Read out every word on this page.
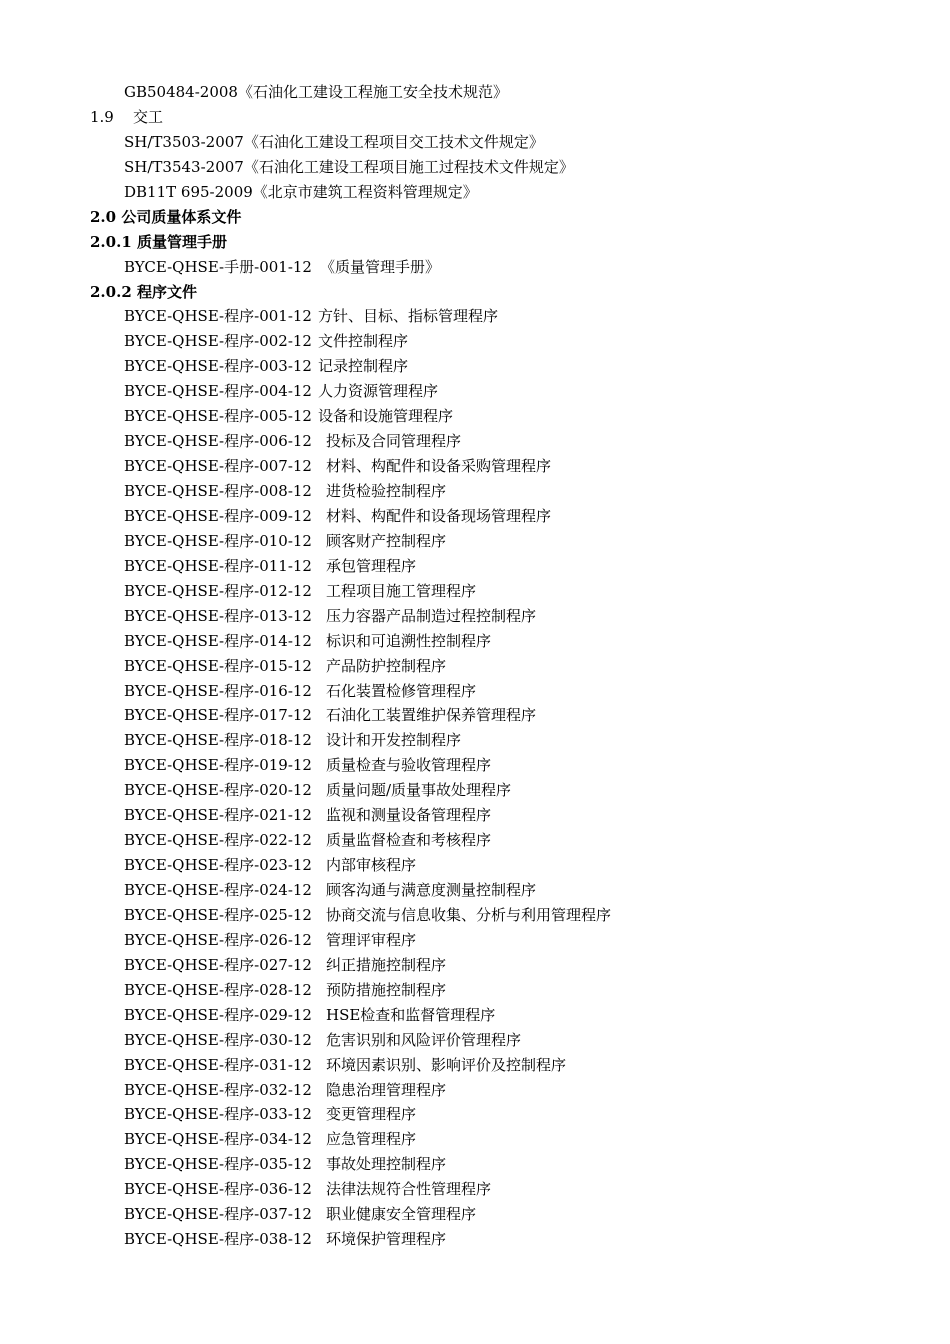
GB50484-2008《石油化工建设工程施工安全技术规范》
1.9 交工
SH/T3503-2007《石油化工建设工程项目交工技术文件规定》
SH/T3543-2007《石油化工建设工程项目施工过程技术文件规定》
DB11T 695-2009《北京市建筑工程资料管理规定》
2.0 公司质量体系文件
2.0.1 质量管理手册
BYCE-QHSE-手册-001-12 《质量管理手册》
2.0.2 程序文件
BYCE-QHSE-程序-001-12 方针、目标、指标管理程序
BYCE-QHSE-程序-002-12 文件控制程序
BYCE-QHSE-程序-003-12 记录控制程序
BYCE-QHSE-程序-004-12 人力资源管理程序
BYCE-QHSE-程序-005-12 设备和设施管理程序
BYCE-QHSE-程序-006-12 投标及合同管理程序
BYCE-QHSE-程序-007-12 材料、构配件和设备采购管理程序
BYCE-QHSE-程序-008-12 进货检验控制程序
BYCE-QHSE-程序-009-12 材料、构配件和设备现场管理程序
BYCE-QHSE-程序-010-12 顾客财产控制程序
BYCE-QHSE-程序-011-12 承包管理程序
BYCE-QHSE-程序-012-12 工程项目施工管理程序
BYCE-QHSE-程序-013-12 压力容器产品制造过程控制程序
BYCE-QHSE-程序-014-12 标识和可追溯性控制程序
BYCE-QHSE-程序-015-12 产品防护控制程序
BYCE-QHSE-程序-016-12 石化装置检修管理程序
BYCE-QHSE-程序-017-12 石油化工装置维护保养管理程序
BYCE-QHSE-程序-018-12 设计和开发控制程序
BYCE-QHSE-程序-019-12 质量检查与验收管理程序
BYCE-QHSE-程序-020-12 质量问题/质量事故处理程序
BYCE-QHSE-程序-021-12 监视和测量设备管理程序
BYCE-QHSE-程序-022-12 质量监督检查和考核程序
BYCE-QHSE-程序-023-12 内部审核程序
BYCE-QHSE-程序-024-12 顾客沟通与满意度测量控制程序
BYCE-QHSE-程序-025-12 协商交流与信息收集、分析与利用管理程序
BYCE-QHSE-程序-026-12 管理评审程序
BYCE-QHSE-程序-027-12 纠正措施控制程序
BYCE-QHSE-程序-028-12 预防措施控制程序
BYCE-QHSE-程序-029-12 HSE检查和监督管理程序
BYCE-QHSE-程序-030-12 危害识别和风险评价管理程序
BYCE-QHSE-程序-031-12 环境因素识别、影响评价及控制程序
BYCE-QHSE-程序-032-12 隐患治理管理程序
BYCE-QHSE-程序-033-12 变更管理程序
BYCE-QHSE-程序-034-12 应急管理程序
BYCE-QHSE-程序-035-12 事故处理控制程序
BYCE-QHSE-程序-036-12 法律法规符合性管理程序
BYCE-QHSE-程序-037-12 职业健康安全管理程序
BYCE-QHSE-程序-038-12 环境保护管理程序
